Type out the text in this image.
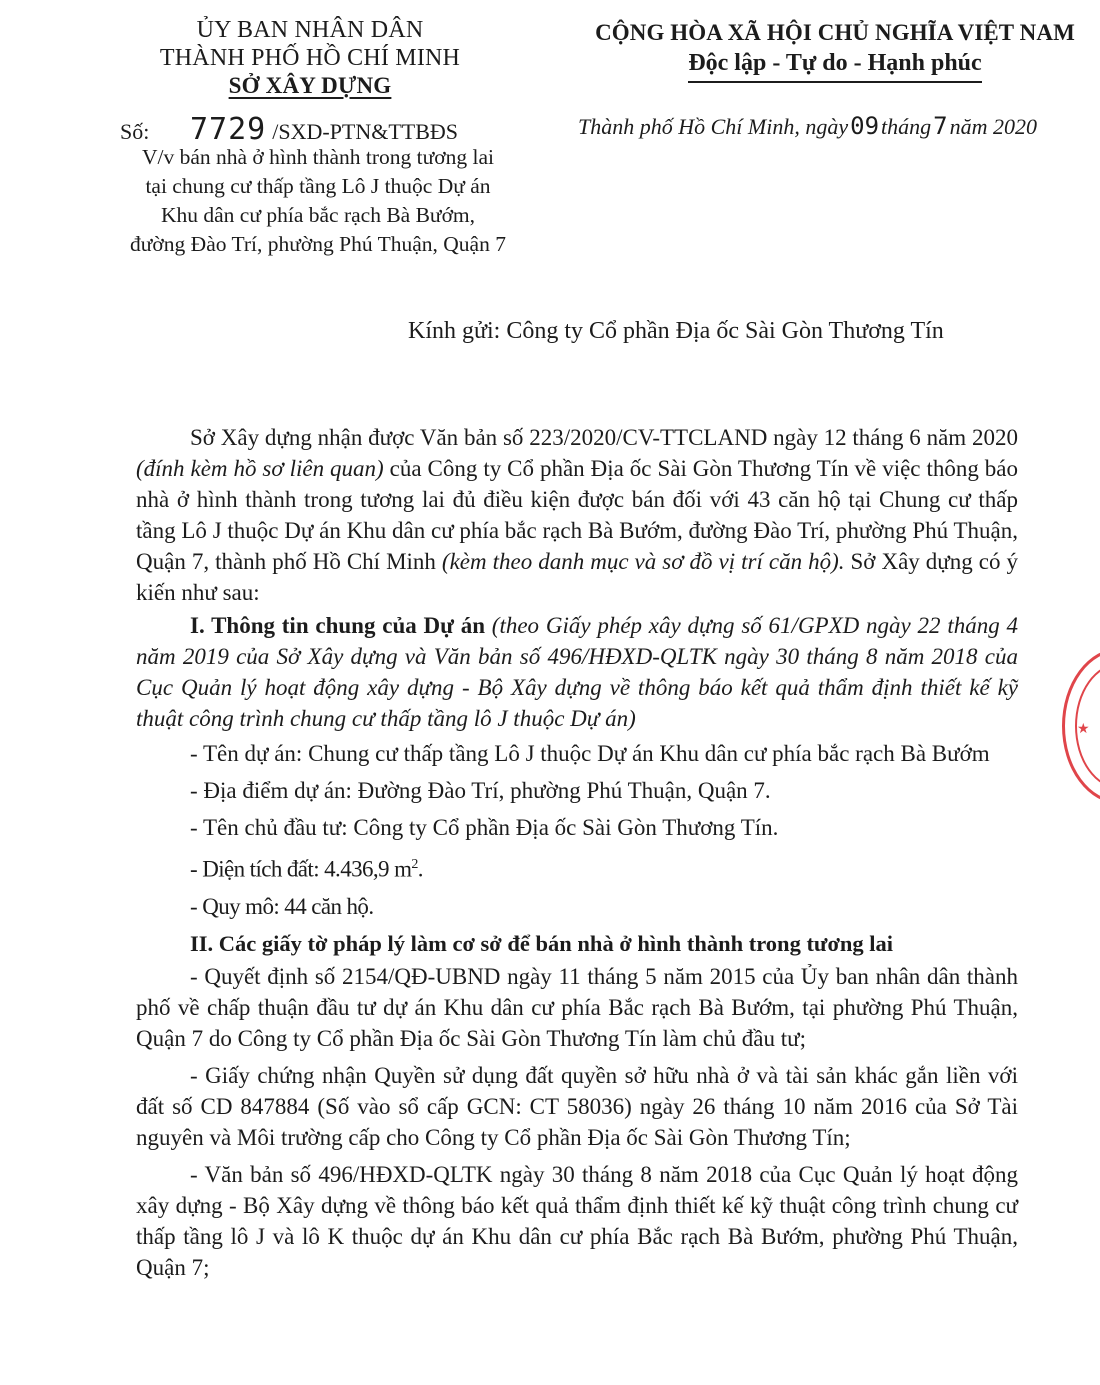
ỦY BAN NHÂN DÂN
THÀNH PHỐ HỒ CHÍ MINH
SỞ XÂY DỰNG
Số: 7729 /SXD-PTN&TTBĐS
V/v bán nhà ở hình thành trong tương lai
tại chung cư thấp tầng Lô J thuộc Dự án
Khu dân cư phía bắc rạch Bà Bướm,
đường Đào Trí, phường Phú Thuận, Quận 7
CỘNG HÒA XÃ HỘI CHỦ NGHĨA VIỆT NAM
Độc lập - Tự do - Hạnh phúc
Thành phố Hồ Chí Minh, ngày09tháng7năm 2020
Kính gửi: Công ty Cổ phần Địa ốc Sài Gòn Thương Tín

Sở Xây dựng nhận được Văn bản số 223/2020/CV-TTCLAND ngày 12 tháng 6 năm 2020 (đính kèm hồ sơ liên quan) của Công ty Cổ phần Địa ốc Sài Gòn Thương Tín về việc thông báo nhà ở hình thành trong tương lai đủ điều kiện được bán đối với 43 căn hộ tại Chung cư thấp tầng Lô J thuộc Dự án Khu dân cư phía bắc rạch Bà Bướm, đường Đào Trí, phường Phú Thuận, Quận 7, thành phố Hồ Chí Minh (kèm theo danh mục và sơ đồ vị trí căn hộ). Sở Xây dựng có ý kiến như sau:

I. Thông tin chung của Dự án (theo Giấy phép xây dựng số 61/GPXD ngày 22 tháng 4 năm 2019 của Sở Xây dựng và Văn bản số 496/HĐXD-QLTK ngày 30 tháng 8 năm 2018 của Cục Quản lý hoạt động xây dựng - Bộ Xây dựng về thông báo kết quả thẩm định thiết kế kỹ thuật công trình chung cư thấp tầng lô J thuộc Dự án)

- Tên dự án: Chung cư thấp tầng Lô J thuộc Dự án Khu dân cư phía bắc rạch Bà Bướm

- Địa điểm dự án: Đường Đào Trí, phường Phú Thuận, Quận 7.

- Tên chủ đầu tư: Công ty Cổ phần Địa ốc Sài Gòn Thương Tín.

- Diện tích đất: 4.436,9 $m^2$.

- Quy mô: 44 căn hộ.

II. Các giấy tờ pháp lý làm cơ sở để bán nhà ở hình thành trong tương lai

- Quyết định số 2154/QĐ-UBND ngày 11 tháng 5 năm 2015 của Ủy ban nhân dân thành phố về chấp thuận đầu tư dự án Khu dân cư phía Bắc rạch Bà Bướm, tại phường Phú Thuận, Quận 7 do Công ty Cổ phần Địa ốc Sài Gòn Thương Tín làm chủ đầu tư;

- Giấy chứng nhận Quyền sử dụng đất quyền sở hữu nhà ở và tài sản khác gắn liền với đất số CD 847884 (Số vào sổ cấp GCN: CT 58036) ngày 26 tháng 10 năm 2016 của Sở Tài nguyên và Môi trường cấp cho Công ty Cổ phần Địa ốc Sài Gòn Thương Tín;

- Văn bản số 496/HĐXD-QLTK ngày 30 tháng 8 năm 2018 của Cục Quản lý hoạt động xây dựng - Bộ Xây dựng về thông báo kết quả thẩm định thiết kế kỹ thuật công trình chung cư thấp tầng lô J và lô K thuộc dự án Khu dân cư phía Bắc rạch Bà Bướm, phường Phú Thuận, Quận 7;

★
